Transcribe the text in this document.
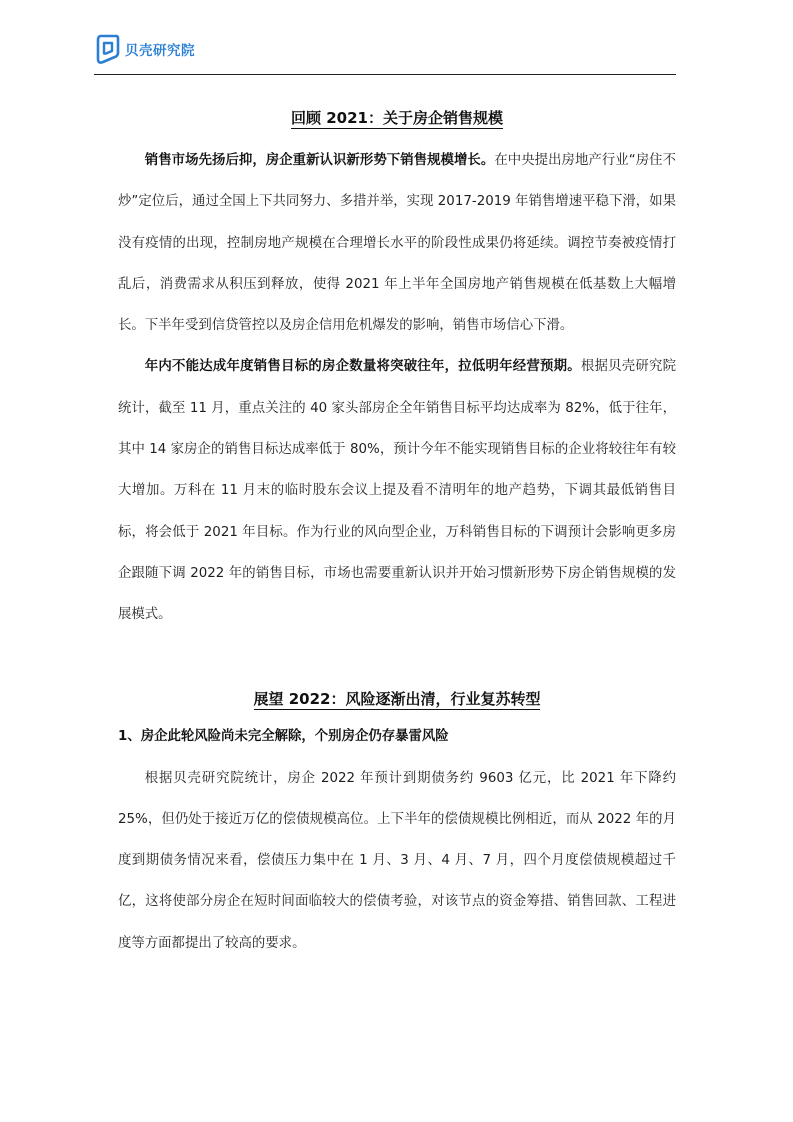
贝壳研究院
回顾 2021：关于房企销售规模

销售市场先扬后抑，房企重新认识新形势下销售规模增长。在中央提出房地产行业“房住不炒”定位后，通过全国上下共同努力、多措并举，实现 2017-2019 年销售增速平稳下滑，如果没有疫情的出现，控制房地产规模在合理增长水平的阶段性成果仍将延续。调控节奏被疫情打乱后，消费需求从积压到释放，使得 2021 年上半年全国房地产销售规模在低基数上大幅增长。下半年受到信贷管控以及房企信用危机爆发的影响，销售市场信心下滑。

年内不能达成年度销售目标的房企数量将突破往年，拉低明年经营预期。根据贝壳研究院统计，截至 11 月，重点关注的 40 家头部房企全年销售目标平均达成率为 82%，低于往年，其中 14 家房企的销售目标达成率低于 80%，预计今年不能实现销售目标的企业将较往年有较大增加。万科在 11 月末的临时股东会议上提及看不清明年的地产趋势，下调其最低销售目标，将会低于 2021 年目标。作为行业的风向型企业，万科销售目标的下调预计会影响更多房企跟随下调 2022 年的销售目标，市场也需要重新认识并开始习惯新形势下房企销售规模的发展模式。

展望 2022：风险逐渐出清，行业复苏转型
1、房企此轮风险尚未完全解除，个别房企仍存暴雷风险

根据贝壳研究院统计，房企 2022 年预计到期债务约 9603 亿元，比 2021 年下降约 25%，但仍处于接近万亿的偿债规模高位。上下半年的偿债规模比例相近，而从 2022 年的月度到期债务情况来看，偿债压力集中在 1 月、3 月、4 月、7 月，四个月度偿债规模超过千亿，这将使部分房企在短时间面临较大的偿债考验，对该节点的资金筹措、销售回款、工程进度等方面都提出了较高的要求。
